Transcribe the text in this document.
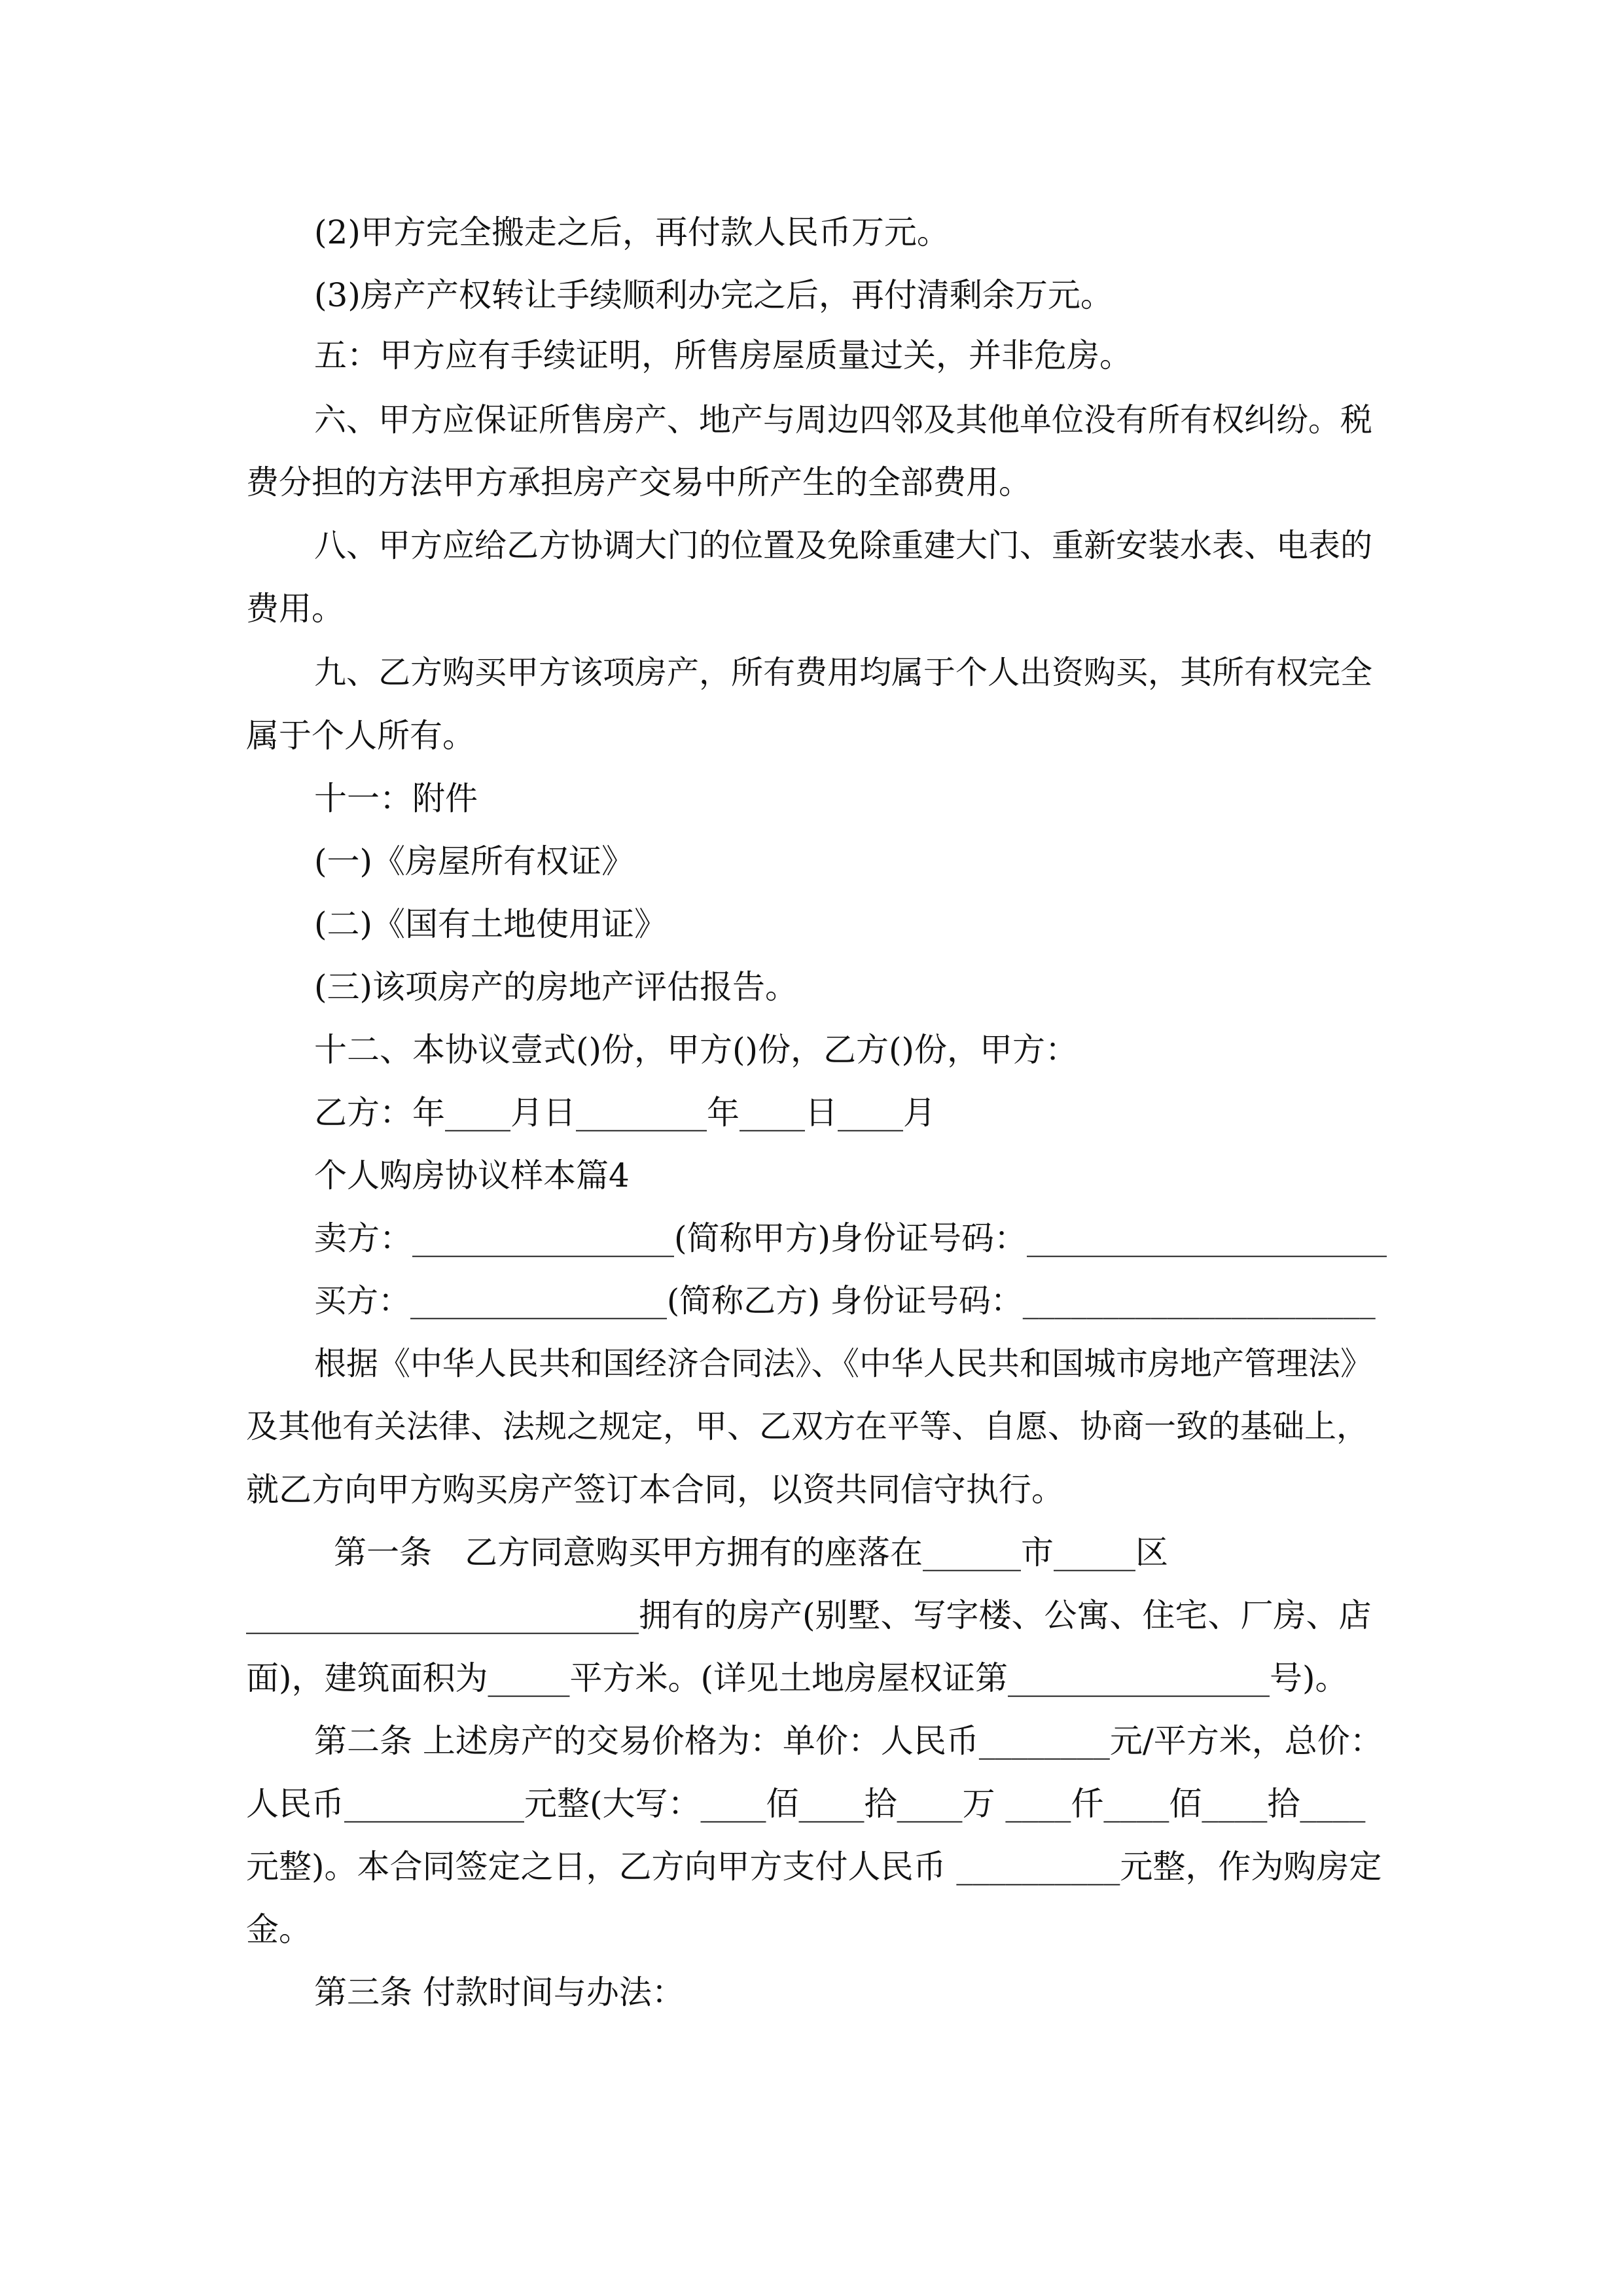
(2)甲方完全搬走之后，再付款人民币万元。
(3)房产产权转让手续顺利办完之后，再付清剩余万元。
五：甲方应有手续证明，所售房屋质量过关，并非危房。
六、甲方应保证所售房产、地产与周边四邻及其他单位没有所有权纠纷。税
费分担的方法甲方承担房产交易中所产生的全部费用。
八、甲方应给乙方协调大门的位置及免除重建大门、重新安装水表、电表的
费用。
九、乙方购买甲方该项房产，所有费用均属于个人出资购买，其所有权完全
属于个人所有。
十一：附件
(一)《房屋所有权证》
(二)《国有土地使用证》
(三)该项房产的房地产评估报告。
十二、本协议壹式()份，甲方()份，乙方()份，甲方：
乙方：年____月日________年____日____月
个人购房协议样本篇4
卖方：________________(简称甲方)身份证号码：______________________
买方：________________(简称乙方) 身份证号码：______________________
根据《中华人民共和国经济合同法》、《中华人民共和国城市房地产管理法》
及其他有关法律、法规之规定，甲、乙双方在平等、自愿、协商一致的基础上，
就乙方向甲方购买房产签订本合同，以资共同信守执行。
第一条　乙方同意购买甲方拥有的座落在______市_____区
________________________拥有的房产(别墅、写字楼、公寓、住宅、厂房、店
面)，建筑面积为_____平方米。(详见土地房屋权证第________________号)。
第二条 上述房产的交易价格为：单价：人民币________元/平方米，总价：
人民币___________元整(大写：____佰____拾____万 ____仟____佰____拾____
元整)。本合同签定之日，乙方向甲方支付人民币 __________元整，作为购房定
金。
第三条 付款时间与办法：
